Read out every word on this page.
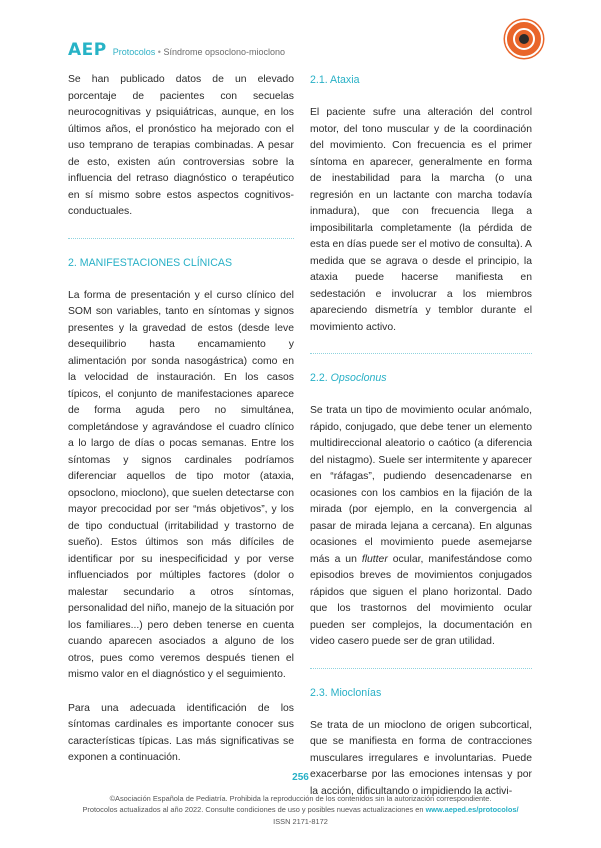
AEP Protocolos • Síndrome opsoclono-mioclono

Se han publicado datos de un elevado porcentaje de pacientes con secuelas neurocognitivas y psiquiátricas, aunque, en los últimos años, el pronóstico ha mejorado con el uso temprano de terapias combinadas. A pesar de esto, existen aún controversias sobre la influencia del retraso diagnóstico o terapéutico en sí mismo sobre estos aspectos cognitivos-conductuales.

2. MANIFESTACIONES CLÍNICAS

La forma de presentación y el curso clínico del SOM son variables, tanto en síntomas y signos presentes y la gravedad de estos (desde leve desequilibrio hasta encamamiento y alimentación por sonda nasogástrica) como en la velocidad de instauración. En los casos típicos, el conjunto de manifestaciones aparece de forma aguda pero no simultánea, completándose y agravándose el cuadro clínico a lo largo de días o pocas semanas. Entre los síntomas y signos cardinales podríamos diferenciar aquellos de tipo motor (ataxia, opsoclono, mioclono), que suelen detectarse con mayor precocidad por ser “más objetivos”, y los de tipo conductual (irritabilidad y trastorno de sueño). Estos últimos son más difíciles de identificar por su inespecificidad y por verse influenciados por múltiples factores (dolor o malestar secundario a otros síntomas, personalidad del niño, manejo de la situación por los familiares...) pero deben tenerse en cuenta cuando aparecen asociados a alguno de los otros, pues como veremos después tienen el mismo valor en el diagnóstico y el seguimiento.

Para una adecuada identificación de los síntomas cardinales es importante conocer sus características típicas. Las más significativas se exponen a continuación.

2.1. Ataxia

El paciente sufre una alteración del control motor, del tono muscular y de la coordinación del movimiento. Con frecuencia es el primer síntoma en aparecer, generalmente en forma de inestabilidad para la marcha (o una regresión en un lactante con marcha todavía inmadura), que con frecuencia llega a imposibilitarla completamente (la pérdida de esta en días puede ser el motivo de consulta). A medida que se agrava o desde el principio, la ataxia puede hacerse manifiesta en sedestación e involucrar a los miembros apareciendo dismetría y temblor durante el movimiento activo.

2.2. Opsoclonus

Se trata un tipo de movimiento ocular anómalo, rápido, conjugado, que debe tener un elemento multidireccional aleatorio o caótico (a diferencia del nistagmo). Suele ser intermitente y aparecer en “ráfagas”, pudiendo desencadenarse en ocasiones con los cambios en la fijación de la mirada (por ejemplo, en la convergencia al pasar de mirada lejana a cercana). En algunas ocasiones el movimiento puede asemejarse más a un flutter ocular, manifestándose como episodios breves de movimientos conjugados rápidos que siguen el plano horizontal. Dado que los trastornos del movimiento ocular pueden ser complejos, la documentación en video casero puede ser de gran utilidad.

2.3. Mioclonías

Se trata de un mioclono de origen subcortical, que se manifiesta en forma de contracciones musculares irregulares e involuntarias. Puede exacerbarse por las emociones intensas y por la acción, dificultando o impidiendo la activi-

256
©Asociación Española de Pediatría. Prohibida la reproducción de los contenidos sin la autorización correspondiente.
Protocolos actualizados al año 2022. Consulte condiciones de uso y posibles nuevas actualizaciones en www.aeped.es/protocolos/
ISSN 2171-8172
